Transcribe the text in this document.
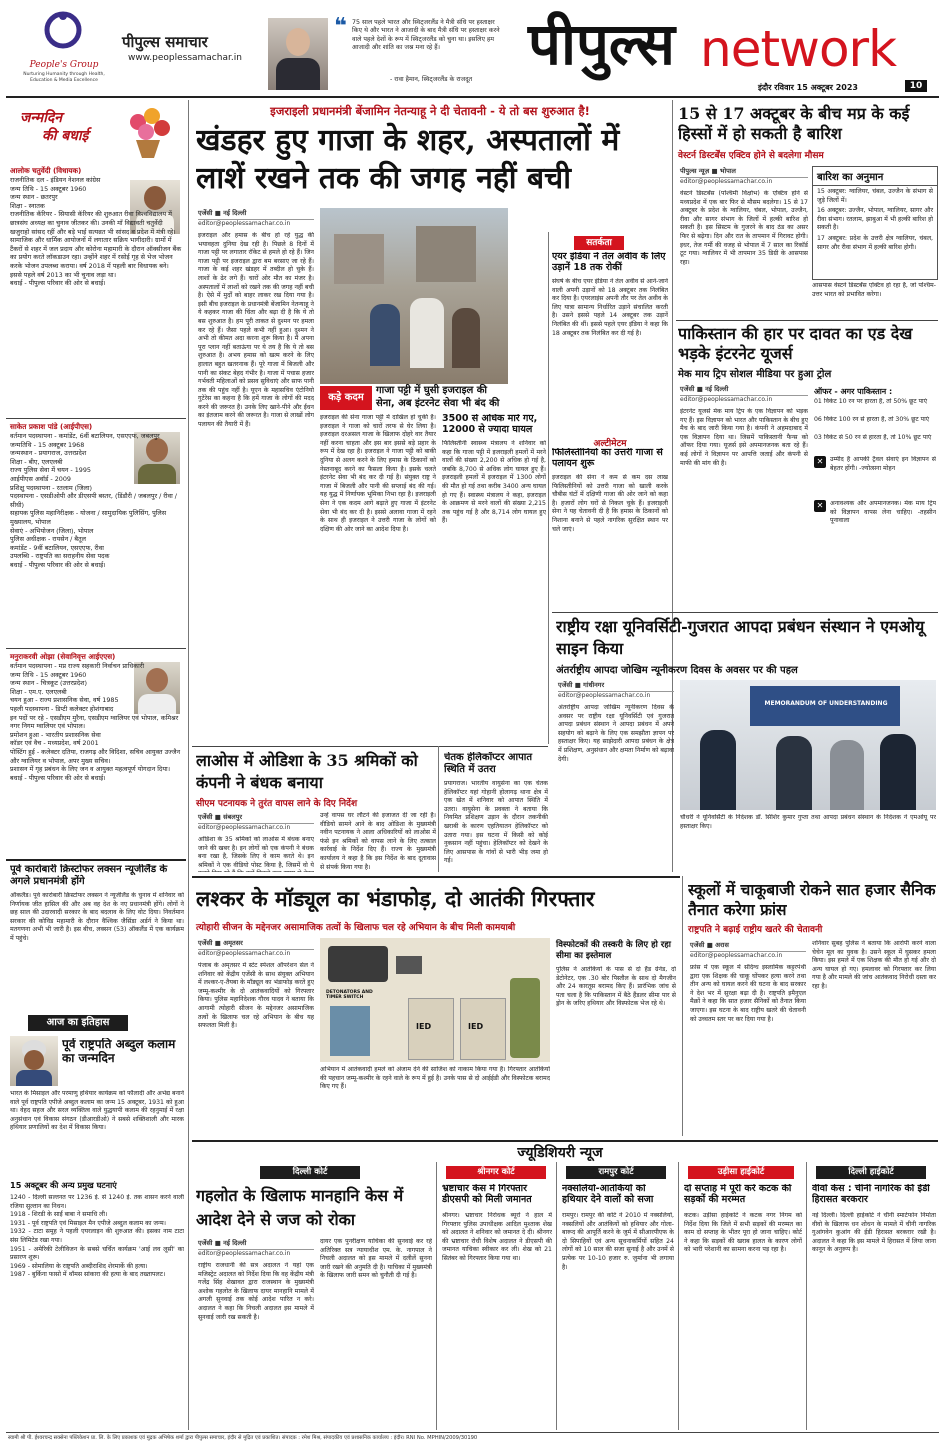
People's Group
Nurturing Humanity through Health, Education & Media Excellence
पीपुल्स समाचार
www.peoplessamachar.in
❝ 75 साल पहले भारत और स्विट्जरलैंड ने मैत्री संधि पर हस्ताक्षर किए थे और भारत ने आजादी के बाद मैत्री संधि पर हस्ताक्षर करने वाले पहले देशों के रूप में स्विट्जरलैंड को चुना था। इसलिए हम आजादी और शांति का जश्न मना रहे हैं।
- रावा हैमान, स्विट्जरलैंड के राजदूत
पीपुल्स network
इंदौर रविवार 15 अक्टूबर 2023	10
जन्मदिन
की बधाई
आलोक चतुर्वेदी (विधायक)
राजनीतिक दल - इंडियन नेशनल कांग्रेस
जन्म तिथि - 15 अक्टूबर 1960
जन्म स्थान - छतरपुर
शिक्षा - स्नातक
राजनीतिक कॅरियर - सियासी कॅरियर की शुरुआत रीवा विश्वविद्यालय में छात्रसंघ अध्यक्ष का चुनाव जीतकर की। उनकी माँ विद्यावती चतुर्वेदी खजुराहो सांसद रहीं और बड़े भाई सत्यव्रत भी सांसद व प्रदेश में मंत्री रहे। सामाजिक और धार्मिक आयोजनों में लगातार सक्रिय भागीदारी। ग्रामों में टैंकरों से शहर में जल प्रदाय और कोरोना महामारी के दौरान ऑक्सीजन बैंक का प्रयोग करते लॉकडाउन रहा। उन्होंने शहर में रसोई गृह से भेज भोजन करके भोजन उपलब्ध कराया। वर्ष 2018 में पहली बार विधायक बने। इससे पहले वर्ष 2013 का भी चुनाव लड़ा था।
बधाई - पीपुल्स परिवार की ओर से बधाई।
साकेत प्रकाश पांडे (आईपीएस)
वर्तमान पदस्थापना - कमांडेंट, 6वीं बटालियन, एसएएफ, जबलपुर
जन्मतिथि - 15 अक्टूबर 1968
जन्मस्थान - प्रयागराज, उत्तरप्रदेश
शिक्षा - बीए, एलएलबी
राज्य पुलिस सेवा में चयन - 1995
आईपीएस अवॉर्ड - 2009
प्रशिक्षु पदस्थापना - रतलाम (जिला)
पदस्थापना - एसडीओपी और डीएसपी बस्तर, (डिंडौरी / जबलपुर / रीवा / सीधी)
सहायक पुलिस महानिरीक्षक - योजना / सामुदायिक पुलिसिंग, पुलिस मुख्यालय, भोपाल
सेवाएं - अभियोजन (जिला), भोपाल
पुलिस अधीक्षक - रायसेन / बैतूल
कमांडेंट - 9वीं बटालियन, एसएएफ, रीवा
उपलब्धि - राष्ट्रपति का सराहनीय सेवा पदक
बधाई - पीपुल्स परिवार की ओर से बधाई।
मनुराकरवी ओझा (सेवानिवृत्त आईएएस)
वर्तमान पदस्थापना - मप्र राज्य सहकारी निर्वाचन प्राधिकारी
जन्म तिथि - 15 अक्टूबर 1960
जन्म स्थान - चित्रकूट (उत्तरप्रदेश)
शिक्षा - एम.ए. एलएलबी
चयन हुआ - राज्य प्रशासनिक सेवा, वर्ष 1985
पहली पदस्थापना - डिप्टी कलेक्टर होशंगाबाद
इन पदों पर रहे - एसडीएम मुरैना, एसडीएम ग्वालियर एवं भोपाल, कमिश्नर नगर निगम ग्वालियर एवं भोपाल।
प्रमोशन हुआ - भारतीय प्रशासनिक सेवा
कॉडर एवं वैच - मध्यप्रदेश, वर्ष 2001
पोस्टिंग हुई - कलेक्टर दतिया, राजगढ़ और विदिशा, सचिव आयुक्त उज्जैन और ग्वालियर व भोपाल, अपर मुख्य सचिव।
प्रशासन में गृह प्रबंधन के लिए जन व आयुक्त महत्वपूर्ण योगदान दिया।
बधाई - पीपुल्स परिवार की ओर से बधाई।
पूर्व कारोबारी क्रिस्टोफर लक्सन न्यूजीलैंड के अगले प्रधानमंत्री होंगे
ऑकलैंड। पूर्व कारोबारी क्रिस्टोफर लक्सन ने न्यूजीलैंड के चुनाव में शनिवार को निर्णायक जीत हासिल की और अब वह देश के नए प्रधानमंत्री होंगे। लोगों ने छह साल की उदारवादी सरकार के बाद बदलाव के लिए वोट दिया। निवर्तमान सरकार की कोविड महामारी के दौरान वैश्विक जैसिंडा अर्डर्न ने किया था। मतगणना अभी भी जारी है। इस बीच, लक्सन (53) ऑकलैंड में एक कार्यक्रम में पहुंचे।
आज का इतिहास
पूर्व राष्ट्रपति अब्दुल कलाम का जन्मदिन
भारत के मिसाइल और परमाणु हथियार कार्यक्रम को फौलादी और अभेद्य बनाने वाले पूर्व राष्ट्रपति एपीजे अब्दुल कलाम का जन्म 15 अक्टूबर, 1931 को हुआ था। वेहद सहज और सरल व्यक्तित्व वाले युद्धयापी कलाम की रहनुमाई में रक्षा अनुसंधान एवं विकास संगठन (डीआरडीओ) ने सबसे शक्तिशाली और मारक हथियार प्रणालियों का देश में विकास किया।
15 अक्टूबर की अन्य प्रमुख घटनाएं
1240 - दिल्ली सल्तनत पर 1236 ई. से 1240 ई. तक शासन करने वाली रजिया सुल्तान का निधन।
1918 - शिरडी के साईं बाबा ने समाधि ली।
1931 - पूर्व राष्ट्रपति एवं मिसाइल मैन एपीजे अब्दुल कलाम का जन्म।
1932 - टाटा समूह ने पहली एयरलाइन की शुरुआत की। इसका नाम टाटा संस लिमिटेड रखा गया।
1951 - अमेरिकी टेलीविजन के सबसे चर्चित कार्यक्रम 'आई लव लूसी' का प्रसारण शुरू।
1969 - सोमालिया के राष्ट्रपति अब्दीराशिद शेरमार्के की हत्या।
1987 - बुर्किना फासो में थॉमस सांकारा की हत्या के बाद तख्तापलट।
इजराइली प्रधानमंत्री बेंजामिन नेतन्याहू ने दी चेतावनी - ये तो बस शुरुआत है!
खंडहर हुए गाजा के शहर, अस्पतालों में लाशें रखने तक की जगह नहीं बची
एजेंसी ■ नई दिल्ली
editor@peoplessamachar.co.in
इजराइल और हमास के बीच हो रहे युद्ध की भयावहता दुनिया देख रही है। पिछले 8 दिनों में गाजा पट्टी पर लगातार रॉकेट से हमले हो रहे हैं। जिन गाजा पट्टी पर इजराइल द्वारा बम बरसाए जा रहे हैं। गाजा के कई शहर खंडहर में तब्दील हो चुके हैं। लाशों के ढेर लगे हैं। चारों ओर मौत का मंजर है। अस्पतालों में लाशों को रखने तक की जगह नहीं बची है। ऐसे में मुर्दों को बाहर लाकर रख दिया गया है। इसी बीच इजराइल के प्रधानमंत्री बेंजामिन नेतन्याहू ने ये कहकर गाजा की चिंता और बढ़ा दी है कि ये तो बस शुरुआत है। हम पूरी ताकत से दुश्मन पर हमला कर रहे हैं। जैसा पहले कभी नहीं हुआ। दुश्मन ने अभी तो कीमत अदा करना शुरू किया है। मैं अपना पूरा प्लान नहीं बताऊंगा पर ये तय है कि ये तो बस शुरुआत है। अभय हमास को खत्म करने के लिए हालात बहुत खतरनाक हैं। पूरे गाजा में बिजली और पानी का संकट बेहद गंभीर है। गाजा में पचास हजार गर्भवती महिलाओं को प्रसव सुविधाएं और साफ पानी तक की पहुंच नहीं है। यूएन के महासचिव एंटोनियो गुटेरेस का कहना है कि हमें गाजा के लोगों की मदद करने की जरूरत है। उनके लिए खाने-पीने और ईंधन का इंतजाम करने की जरूरत है। गाजा से लाखों लोग पलायन की तैयारी में हैं।
कड़े कदम
गाजा पट्टी में घुसी इजराइल की सेना, अब इंटरनेट सेवा भी बंद की
इजराइल की सेना गाजा पट्टी में दाखिल हो चुकी है। इजराइल ने गाजा को चारों तरफ से घेर लिया है। इजराइल दरअसल गाजा के खिलाफ दोहरे वार तैयार नहीं करना चाहता और इस बार इससे बड़े प्रहार के रूप में देख रहा है। इजराइल ने गाजा पट्टी को बाकी दुनिया से अलग करने के लिए हमास के ठिकानों को नेस्तनाबूद करने का फैसला किया है। इसके चलते इंटरनेट सेवा भी बंद कर दी गई है। संयुक्त राष्ट्र ने गाजा में बिजली और पानी की सप्लाई बंद की गई। यह युद्ध में निर्णायक भूमिका निभा रहा है। इजराइली सेना ने एक कदम आगे बढ़ाते हुए गाजा में इंटरनेट सेवा भी बंद कर दी है। इससे अलावा गाजा में रहने के साथ ही इजराइल ने उत्तरी गाजा के लोगों को दक्षिण की ओर जाने का आदेश दिया है।
3500 से अधिक मारे गए, 12000 से ज्यादा घायल
फिलिस्तीनी स्वास्थ्य मंत्रालय ने शनिवार को कहा कि गाजा पट्टी में इजराइली हमलों में मरने वालों की संख्या 2,200 से अधिक हो गई है, जबकि 8,700 से अधिक लोग घायल हुए हैं। इजराइली हमलों में इजराइल में 1300 लोगों की मौत हो गई तथा करीब 3400 अन्य घायल हो गए हैं। स्वास्थ्य मंत्रालय ने कहा, इजराइल के आक्रमण से मरने वालों की संख्या 2,215 तक पहुंच गई है और 8,714 लोग घायल हुए हैं।
सतर्कता
एयर इंडिया ने तेल अवीव के लिए उड़ानें 18 तक रोकीं
संघर्ष के बीच एयर इंडिया ने तेल अवीव से आने-जाने वाली अपनी उड़ानों को 18 अक्टूबर तक निलंबित कर दिया है। एयरलाइंस अपनी तौर पर तेल अवीव के लिए यात्रा सामान्य निर्धारित उड़ाने संचालित करती है। उसने इससे पहले 14 अक्टूबर तक उड़ानें निलंबित की थीं। इससे पहले एयर इंडिया ने कहा कि 18 अक्टूबर तक निलंबित कर दी गई है।
अल्टीमेटम
फिलिस्तीनियों का उत्तरी गाजा से पलायन शुरू
इजराइल की सेना ने कम से कम दस लाख फिलिस्तीनियों को उत्तरी गाजा को खाली करके चौबीस घंटों में दक्षिणी गाजा की ओर जाने को कहा है। हजारों लोग घरों से निकल चुके हैं। इजराइली सेना ने यह चेतावनी दी है कि हमास के ठिकानों को निशाना बनाने से पहले नागरिक सुरक्षित स्थान पर चले जाएं।
15 से 17 अक्टूबर के बीच मप्र के कई हिस्सों में हो सकती है बारिश
वेस्टर्न डिस्टर्बेंस एक्टिव होने से बदलेगा मौसम
पीपुल्स न्यूज़ ■ भोपाल
editor@peoplessamachar.co.in
वेस्टर्न डिस्टर्बेंस (पश्चिमी विक्षोभ) के एक्टिव होने से मध्यप्रदेश में एक बार फिर से मौसम बदलेगा। 15 से 17 अक्टूबर के प्रदेश के ग्वालियर, चंबल, भोपाल, उज्जैन, रीवा और सागर संभाग के जिलों में हल्की बारिश हो सकती है। इस सिस्टम के गुजरने के बाद ठंड का असर फिर से बढ़ेगा। दिन और रात के तापमान में गिरावट होगी। इधर, तेज गर्मी की वजह से भोपाल में 7 साल का रिकॉर्ड टूट गया। ग्वालियर में भी तापमान 35 डिग्री के आसपास रहा।
बारिश का अनुमान
15 अक्टूबर: ग्वालियर, चंबल, उज्जैन के संभाग से जुड़े जिलों में।
16 अक्टूबर: उज्जैन, भोपाल, ग्वालियर, सागर और रीवा संभाग। रतलाम, झाबुआ में भी हल्की बारिश हो सकती है।
17 अक्टूबर: प्रदेश के उत्तरी क्षेत्र ग्वालियर, चंबल, सागर और रीवा संभाग में हल्की बारिश होगी।
आसपास वेस्टर्न डिस्टर्बेंस एक्टिव हो रहा है, जो पश्चिम-उत्तर भारत को प्रभावित करेगा।
पाकिस्तान की हार पर दावत का एड देख भड़के इंटरनेट यूजर्स
मेक माय ट्रिप सोशल मीडिया पर हुआ ट्रोल
एजेंसी ■ नई दिल्ली
editor@peoplessamachar.co.in
इंटरनेट यूजर्स मेक माय ट्रिप के एक विज्ञापन को भड़क गए हैं। इस विज्ञापन को भारत और पाकिस्तान के बीच हुए मैच के बाद जारी किया गया है। कंपनी ने अहमदाबाद में एक विज्ञापन दिया था। जिसमें पाकिस्तानी फैन्स को ऑफर दिया गया। यूजर्स इसे अपमानजनक बता रहे हैं। कई लोगों ने विज्ञापन पर आपत्ति जताई और कंपनी से माफी की मांग की है।
ऑफर - अगर पाकिस्तान :
01 विकेट 10 रन पर हारता है, तो 50% छूट पाएं
06 विकेट 100 रन से हारता है, तो 30% छूट पाएं
03 विकेट से 50 रन से हारता है, तो 10% छूट पाएं
✕	उम्मीद है आपकी ट्रैवल सेवाएं इन विज्ञापन से बेहतर होंगी। -ज्योत्सना मोहन
✕	अनावश्यक और अपमानजनक। मेक माय ट्रिप को विज्ञापन वापस लेना चाहिए। -तहसीन पूनावाला
लाओस में ओडिशा के 35 श्रमिकों को कंपनी ने बंधक बनाया
सीएम पटनायक ने तुरंत वापस लाने के दिए निर्देश
एजेंसी ■ संबलपुर
editor@peoplessamachar.co.in
ओडिशा के 35 श्रमिकों को लाओस में बंधक बनाए जाने की खबर है। इन लोगों को एक कंपनी ने बंधक बना रखा है, जिसके लिए वे काम करते थे। इन श्रमिकों ने एक वीडियो पोस्ट किया है, जिसमें वो ये
उन्हें वापस घर लौटने की इजाजत दी जा रही है। वीडियो सामने आने के बाद ओडिशा के मुख्यमंत्री नवीन पटनायक ने आला अधिकारियों को लाओस में फंसे इन श्रमिकों को वापस लाने के लिए तत्काल कार्रवाई के निर्देश दिए हैं। राज्य के मुख्यमंत्री कार्यालय ने कहा है कि इस निर्देश के बाद दूतावास से संपर्क किया गया है।
चेतक हेलिकॉप्टर आपात स्थिति में उतरा
प्रयागराज। भारतीय वायुसेना का एक चेतक हेलिकॉप्टर यहां गोहानी होलागढ़ थाना क्षेत्र में एक खेत में शनिवार को आपात स्थिति में उतरा। वायुसेना के प्रवक्ता ने बताया कि नियमित प्रशिक्षण उड़ान के दौरान तकनीकी खराबी के कारण एहतियातन हेलिकॉप्टर को उतारा गया। इस घटना में किसी को कोई नुकसान नहीं पहुंचा। हेलिकॉप्टर को देखने के लिए आसपास के गांवों से भारी भीड़ जमा हो गई।
राष्ट्रीय रक्षा यूनिवर्सिटी-गुजरात आपदा प्रबंधन संस्थान ने एमओयू साइन किया
अंतर्राष्ट्रीय आपदा जोखिम न्यूनीकरण दिवस के अवसर पर की पहल
एजेंसी ■ गांधीनगर
editor@peoplessamachar.co.in
अंतर्राष्ट्रीय आपदा जोखिम न्यूनीकरण दिवस के अवसर पर राष्ट्रीय रक्षा यूनिवर्सिटी एवं गुजरात आपदा प्रबंधन संस्थान ने आपदा प्रबंधन में अपने सहयोग को बढ़ाने के लिए एक समझौता ज्ञापन पर हस्ताक्षर किए। यह साझेदारी आपदा प्रबंधन के क्षेत्र में प्रशिक्षण, अनुसंधान और क्षमता निर्माण को बढ़ावा देगी।
MEMORANDUM OF UNDERSTANDING
चौधरी ने यूनिवर्सिटी के निदेशक डॉ. सिशिर कुमार गुप्ता तथा आपदा प्रबंधन संस्थान के निदेशक ने एमओयू पर हस्ताक्षर किए।
लश्कर के मॉड्यूल का भंडाफोड़, दो आतंकी गिरफ्तार
त्योहारी सीजन के मद्देनजर असामाजिक तत्वों के खिलाफ चल रहे अभियान के बीच मिली कामयाबी
एजेंसी ■ अमृतसर
editor@peoplessamachar.co.in
पंजाब के अमृतसर में स्टेट स्पेशल ऑपरेशन सेल ने शनिवार को केंद्रीय एजेंसी के साथ संयुक्त अभियान में लश्कर-ए-तैयबा के मॉड्यूल का भंडाफोड़ करते हुए जम्मू-कश्मीर के दो आतंकवादियों को गिरफ्तार किया। पुलिस महानिदेशक गौरव यादव ने बताया कि आगामी त्योहारी सीजन के मद्देनजर असामाजिक तत्वों के खिलाफ चल रहे अभियान के बीच यह सफलता मिली है।
DETONATORS AND TIMER SWITCH
IED	IED
अभियान में आतंकवादी हमले को अंजाम देने की साजिश को नाकाम किया गया है। गिरफ्तार आतंकियों की पहचान जम्मू-कश्मीर के रहने वाले के रूप में हुई है। उनके पास से दो आईईडी और विस्फोटक बरामद किए गए हैं।
विस्फोटकों की तस्करी के लिए हो रहा सीमा का इस्तेमाल
पुलिस ने आतंकियों के पास से दो हैंड ग्रेनेड, दो डेटोनेटर, एक .30 बोर पिस्तौल के साथ दो मैगजीन और 24 कारतूस बरामद किए हैं। प्रारंभिक जांच से पता चला है कि पाकिस्तान में बैठे हैंडलर सीमा पार से ड्रोन के जरिए हथियार और विस्फोटक भेज रहे थे।
स्कूलों में चाकूबाजी रोकने सात हजार सैनिक तैनात करेगा फ्रांस
राष्ट्रपति ने बढ़ाई राष्ट्रीय खतरे की चेतावनी
एजेंसी ■ अरास
editor@peoplessamachar.co.in
फ्रांस में एक स्कूल में संदिग्ध इस्लामिक कट्टरपंथी द्वारा एक शिक्षक की चाकू घोंपकर हत्या करने तथा तीन अन्य को घायल करने की घटना के बाद सरकार ने देश भर में सुरक्षा बढ़ा दी है। राष्ट्रपति इमैनुएल मैक्रों ने कहा कि सात हजार सैनिकों को तैनात किया जाएगा। इस घटना के बाद राष्ट्रीय खतरे की चेतावनी को उच्चतम स्तर पर कर दिया गया है।
शनिवार सुबह पुलिस ने बताया कि आरोपी करने वाला चेचेन मूल का युवक है। उसने स्कूल में घुसकर हमला किया। इस हमले में एक शिक्षक की मौत हो गई और दो अन्य घायल हो गए। हमलावर को गिरफ्तार कर लिया गया है और मामले की जांच आतंकवाद निरोधी दस्ता कर रहा है।
ज्यूडिशियरी न्यूज
दिल्ली कोर्ट
गहलोत के खिलाफ मानहानि केस में आदेश देने से जज को रोका
एजेंसी ■ नई दिल्ली
editor@peoplessamachar.co.in
राष्ट्रीय राजधानी की सत्र अदालत ने यहां एक मजिस्ट्रेट अदालत को निर्देश दिया कि वह केंद्रीय मंत्री गजेंद्र सिंह शेखावत द्वारा राजस्थान के मुख्यमंत्री अशोक गहलोत के खिलाफ दायर मानहानि मामले में अगली सुनवाई तक कोई आदेश पारित न करे। अदालत ने कहा कि निचली अदालत इस मामले में सुनवाई जारी रख सकती है।
दायर एक पुनरीक्षण याचिका की सुनवाई कर रहे अतिरिक्त सत्र न्यायाधीश एम. के. नागपाल ने निचली अदालत को इस मामले में दलीलें सुनना जारी रखने की अनुमति दी है। याचिका में मुख्यमंत्री के खिलाफ जारी समन को चुनौती दी गई है।
श्रीनगर कोर्ट
भ्रष्टाचार केस में गिरफ्तार डीएसपी को मिली जमानत
श्रीनगर। भ्रष्टाचार निरोधक ब्यूरो ने हाल में गिरफ्तार पुलिस उपाधीक्षक आदिल मुश्ताक शेख को अदालत ने शनिवार को जमानत दे दी। श्रीनगर की भ्रष्टाचार रोधी विशेष अदालत ने डीएसपी की जमानत याचिका स्वीकार कर ली। शेख को 21 सितंबर को गिरफ्तार किया गया था।
रामपुर कोर्ट
नक्सलियों-आतंकियों को हथियार देने वालों को सजा
रामपुर। रामपुर की कोर्ट ने 2010 में नक्सलियों, नक्सलियों और आतंकियों को हथियार और गोला-बारूद की आपूर्ति करने के जुर्म में सीआरपीएफ के दो सिपाहियों एवं अन्य सूचनाकर्मियों सहित 24 लोगों को 10 साल की सजा सुनाई है और उनमें से प्रत्येक पर 10-10 हजार रु. जुर्माना भी लगाया है।
उड़ीसा हाईकोर्ट
दो सप्ताह में पूरी करें कटक की सड़कों की मरम्मत
कटक। उड़ीसा हाईकोर्ट ने कटक नगर निगम को निर्देश दिया कि जिले में सभी सड़कों की मरम्मत का काम दो सप्ताह के भीतर पूरा हो जाना चाहिए। कोर्ट ने कहा कि सड़कों की खराब हालत के कारण लोगों को भारी परेशानी का सामना करना पड़ रहा है।
दिल्ली हाईकोर्ट
वीवो केस : चीनी नागरिक की ईडी हिरासत बरकरार
नई दिल्ली। दिल्ली हाईकोर्ट ने चीनी स्मार्टफोन निर्माता वीवो के खिलाफ धन शोधन के मामले में चीनी नागरिक गुआंगवेन कुआंग की ईडी हिरासत बरकरार रखी है। अदालत ने कहा कि इस मामले में हिरासत में लिया जाना कानून के अनुरूप है।
स्वामी श्री पी. ईश्वरचन्द्र सक्सेना पब्लिकेशन प्रा. लि. के लिए प्रकाशक एवं मुद्रक अभिषेक शर्मा द्वारा पीपुल्स समाचार, इंदौर से मुद्रित एवं प्रकाशित। संपादक : रमेश मिश्र, संपादकीय एवं प्रशासनिक कार्यालय : इंदौर। RNI No. MPHIN/2009/30190
